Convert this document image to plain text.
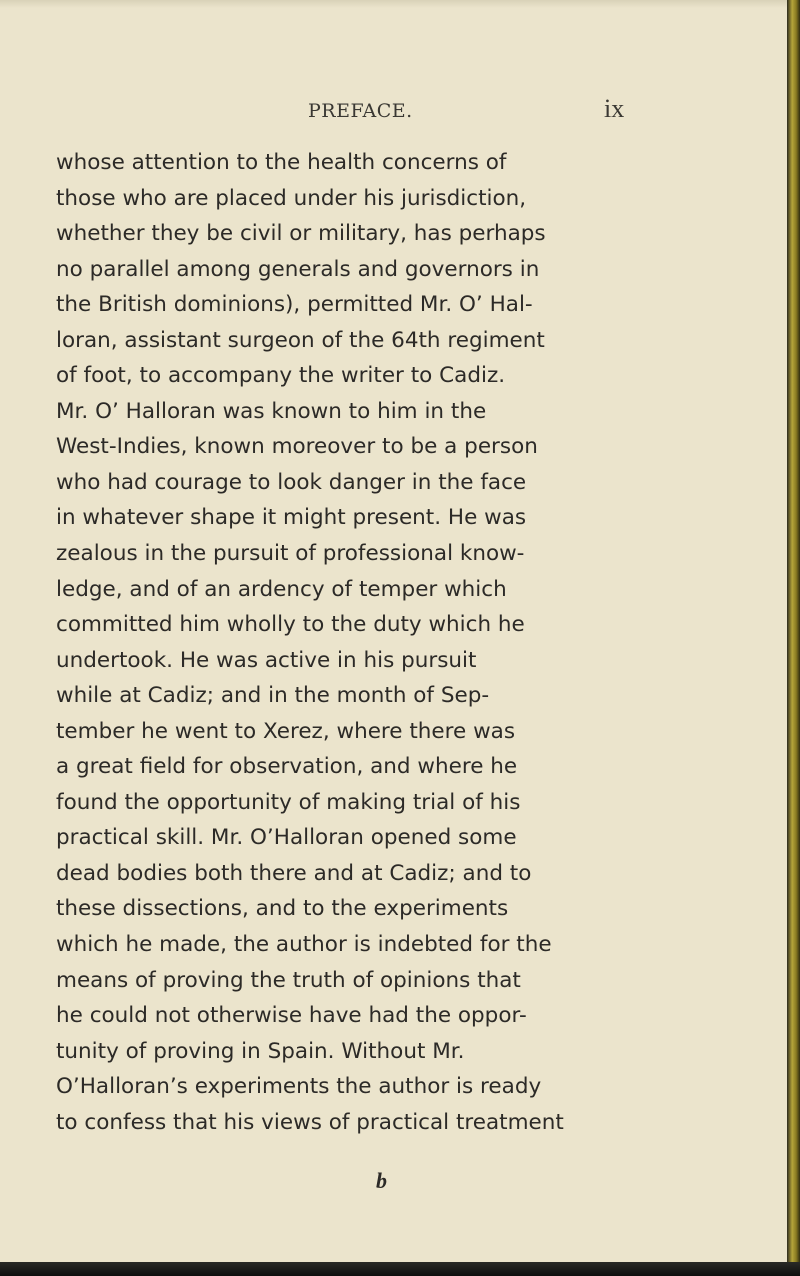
PREFACE.	ix
whose attention to the health concerns of
those who are placed under his jurisdiction,
whether they be civil or military, has perhaps
no parallel among generals and governors in
the British dominions), permitted Mr. O’ Hal-
loran, assistant surgeon of the 64th regiment
of foot, to accompany the writer to Cadiz.
Mr. O’ Halloran was known to him in the
West-Indies, known moreover to be a person
who had courage to look danger in the face
in whatever shape it might present. He was
zealous in the pursuit of professional know-
ledge, and of an ardency of temper which
committed him wholly to the duty which he
undertook. He was active in his pursuit
while at Cadiz; and in the month of Sep-
tember he went to Xerez, where there was
a great field for observation, and where he
found the opportunity of making trial of his
practical skill. Mr. O’Halloran opened some
dead bodies both there and at Cadiz; and to
these dissections, and to the experiments
which he made, the author is indebted for the
means of proving the truth of opinions that
he could not otherwise have had the oppor-
tunity of proving in Spain. Without Mr.
O’Halloran’s experiments the author is ready
to confess that his views of practical treatment
b
